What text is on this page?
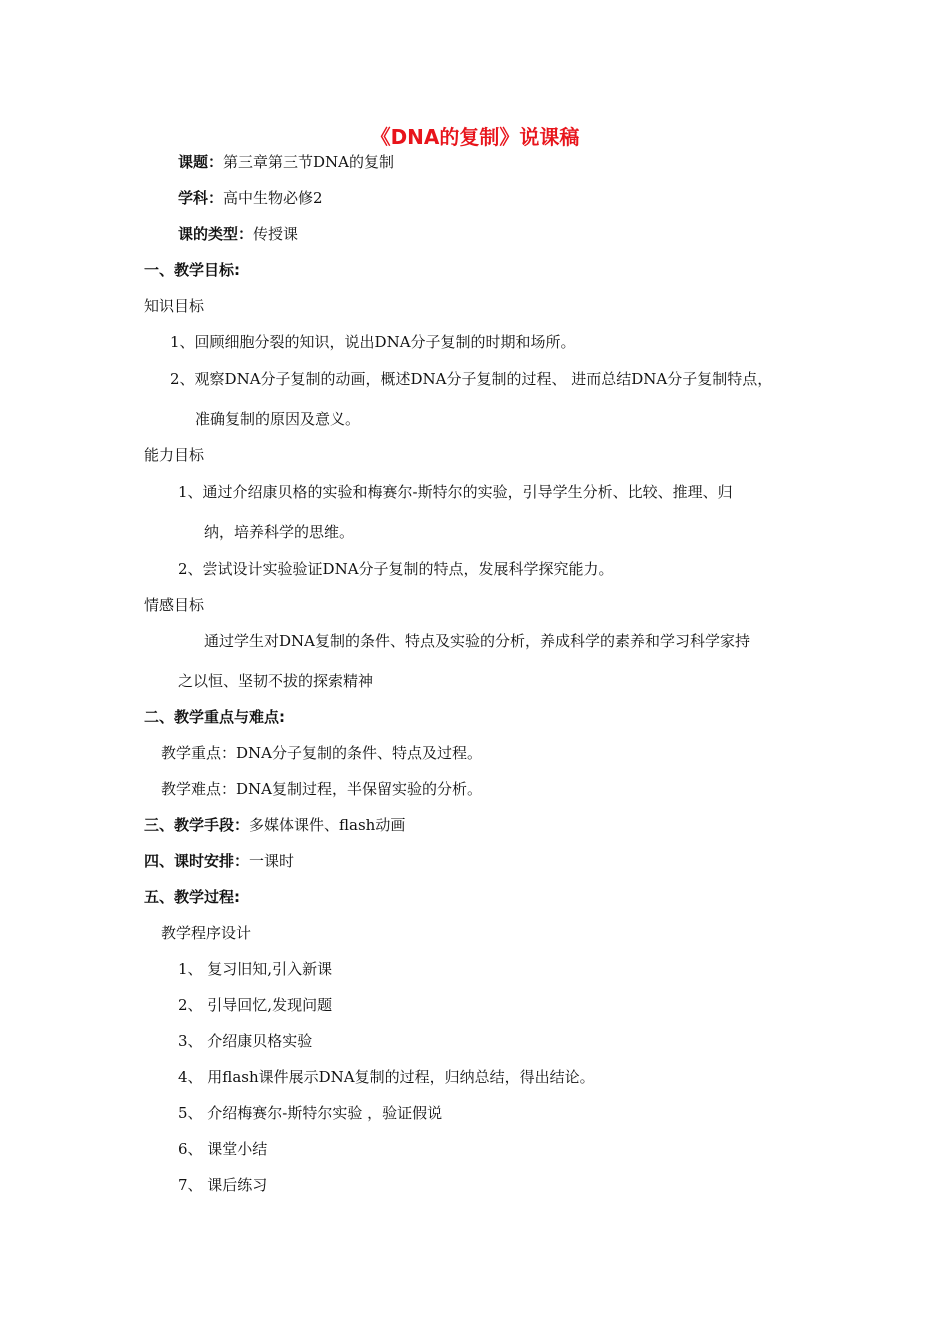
《DNA的复制》说课稿
课题：第三章第三节DNA的复制
学科：高中生物必修2
课的类型：传授课
一、教学目标:
知识目标
1、回顾细胞分裂的知识，说出DNA分子复制的时期和场所。
2、观察DNA分子复制的动画，概述DNA分子复制的过程、 进而总结DNA分子复制特点，
准确复制的原因及意义。
能力目标
1、通过介绍康贝格的实验和梅赛尔-斯特尔的实验，引导学生分析、比较、推理、归
纳，培养科学的思维。
2、尝试设计实验验证DNA分子复制的特点，发展科学探究能力。
情感目标
通过学生对DNA复制的条件、特点及实验的分析，养成科学的素养和学习科学家持
之以恒、坚韧不拔的探索精神
二、教学重点与难点:
教学重点：DNA分子复制的条件、特点及过程。
教学难点：DNA复制过程，半保留实验的分析。
三、教学手段：多媒体课件、flash动画
四、课时安排：一课时
五、教学过程:
教学程序设计
1、 复习旧知,引入新课
2、 引导回忆,发现问题
3、 介绍康贝格实验
4、 用flash课件展示DNA复制的过程，归纳总结，得出结论。
5、 介绍梅赛尔-斯特尔实验 ，验证假说
6、 课堂小结
7、 课后练习
